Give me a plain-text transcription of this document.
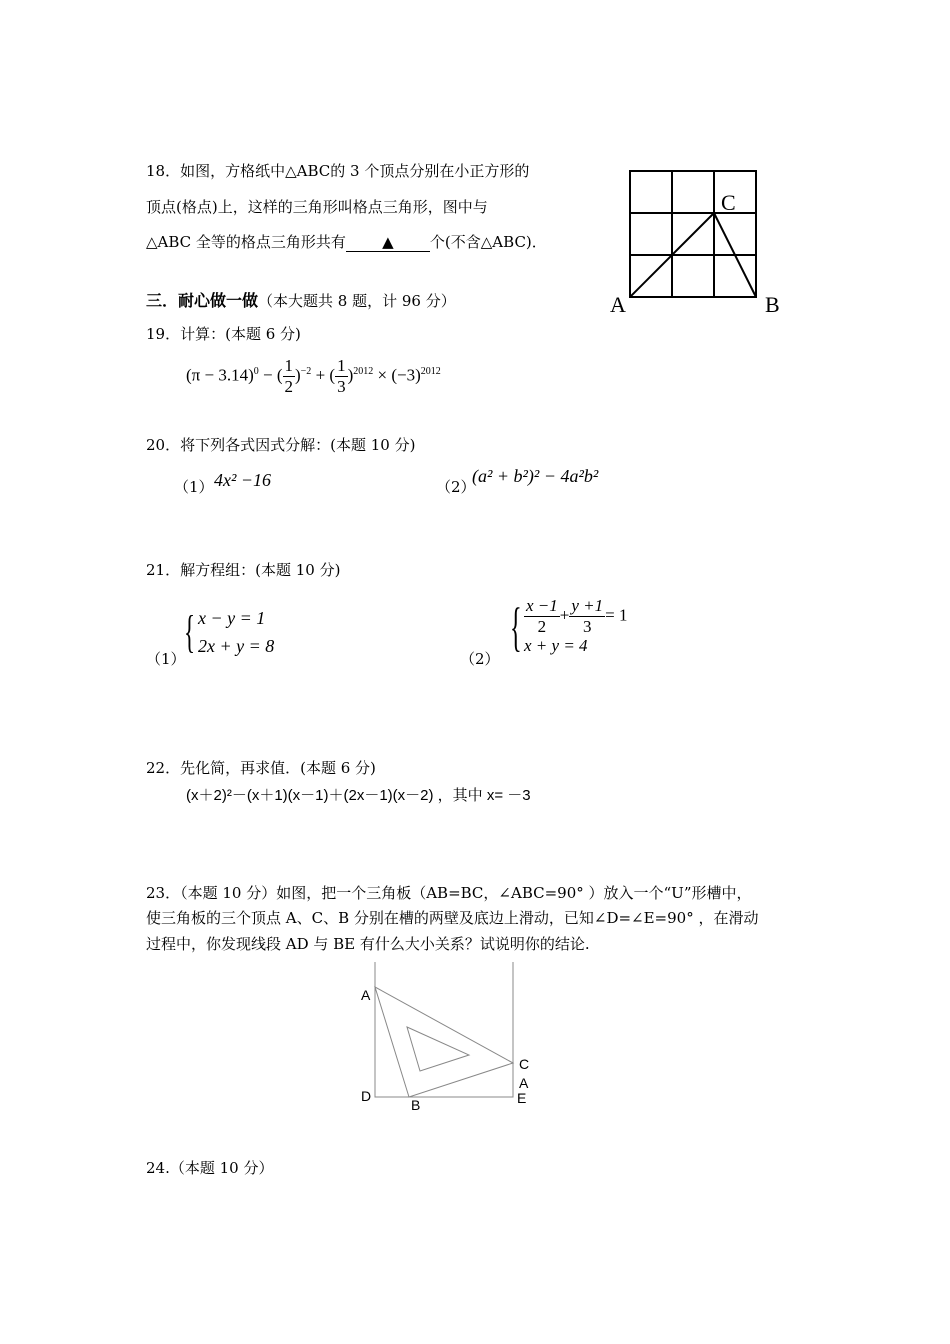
18．如图，方格纸中△ABC的 3 个顶点分别在小正方形的
顶点(格点)上，这样的三角形叫格点三角形，图中与
△ABC 全等的格点三角形共有 ▲ 个(不含△ABC)．
A	B
C
三．耐心做一做（本大题共 8 题，计 96 分）
19．计算：(本题 6 分)
$(\pi - 3.14)^0$ − ( $\frac{1}{2} )^{-2}$ + ( $\frac{1}{3} )^{2012} \times (-3)^{2012}$
20．将下列各式因式分解：(本题 10 分)
（1） 4x² −16	（2）
(a² + b²)² − 4a²b²
21．解方程组：(本题 10 分)
（1）
{ x − y = 1
2x + y = 8
（2）
{ $\frac{x -1}{2} + \frac{y +1}{3} = 1$
x + y = 4
22．先化简，再求值．(本题 6 分)
(x＋2)²－(x＋1)(x－1)＋(2x－1)(x－2) ，其中 x= －3
23．（本题 10 分）如图，把一个三角板（AB=BC，∠ABC=90° ）放入一个“U”形槽中，
使三角板的三个顶点 A、C、B 分别在槽的两壁及底边上滑动，已知∠D=∠E=90° ，在滑动
过程中，你发现线段 AD 与 BE 有什么大小关系？试说明你的结论.
A
D
B
C
A
E
24.（本题 10 分）
